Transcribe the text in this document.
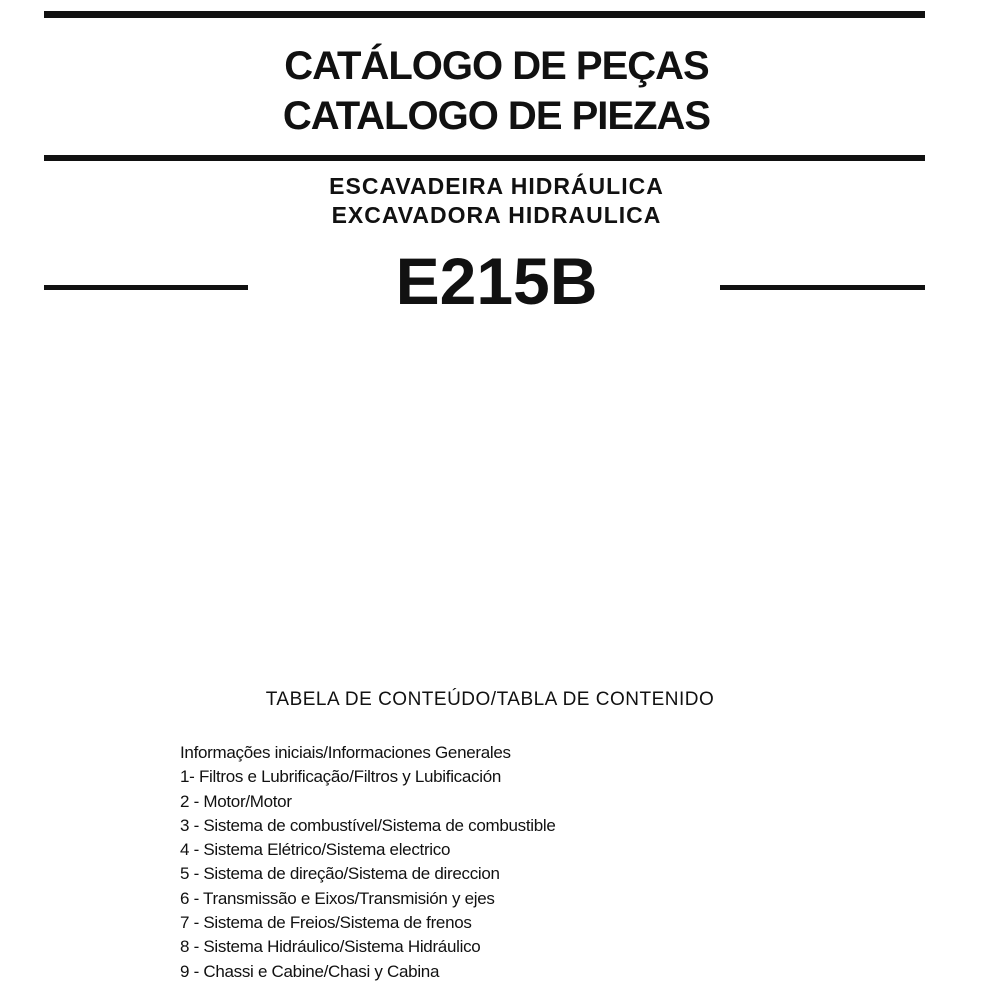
CATÁLOGO DE PEÇAS
CATALOGO DE PIEZAS
ESCAVADEIRA HIDRÁULICA
EXCAVADORA HIDRAULICA
E215B
TABELA DE CONTEÚDO/TABLA DE CONTENIDO
Informações iniciais/Informaciones Generales
1- Filtros e Lubrificação/Filtros y Lubificación
2 - Motor/Motor
3 - Sistema de combustível/Sistema de combustible
4 - Sistema Elétrico/Sistema electrico
5 - Sistema de direção/Sistema de direccion
6 - Transmissão e Eixos/Transmisión y ejes
7 - Sistema de Freios/Sistema de frenos
8 - Sistema Hidráulico/Sistema Hidráulico
9 - Chassi e Cabine/Chasi y Cabina
